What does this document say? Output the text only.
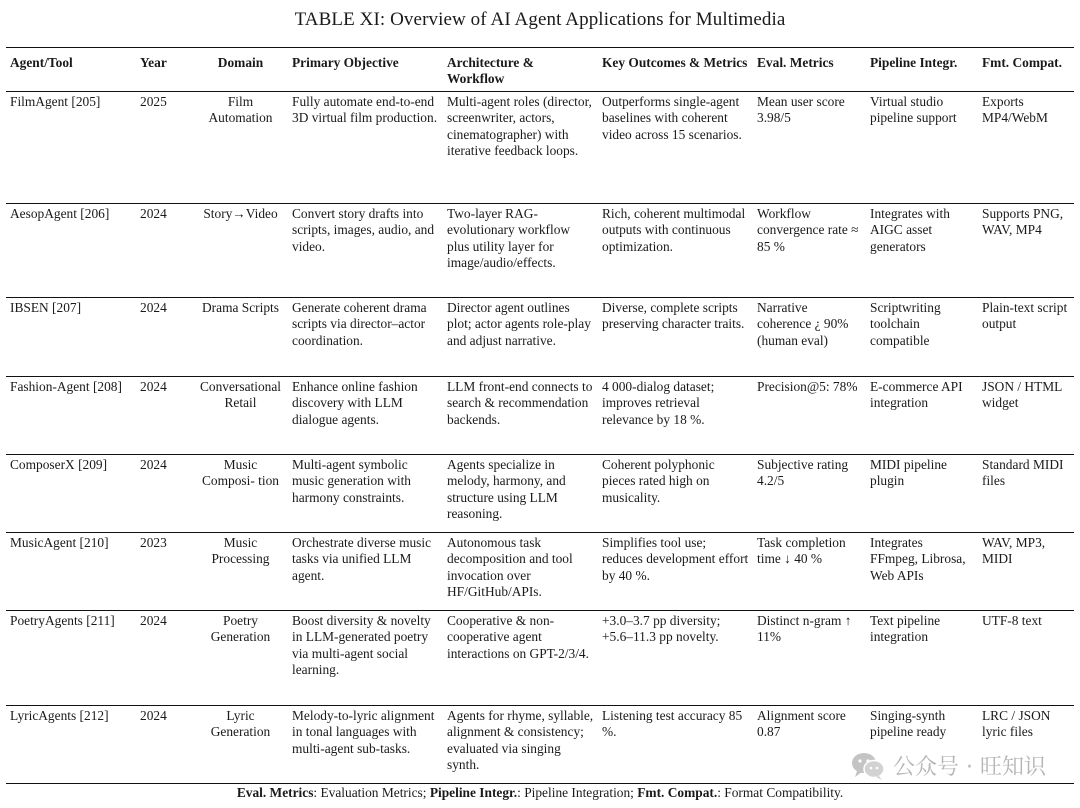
TABLE XI: Overview of AI Agent Applications for Multimedia
Agent/Tool	Year	Domain	Primary Objective	Architecture & Workflow	Key Outcomes & Metrics	Eval. Metrics	Pipeline Integr.	Fmt. Compat.
FilmAgent [205]	2025	Film Automation	Fully automate end-to-end 3D virtual film production.	Multi-agent roles (director, screenwriter, actors, cinematographer) with iterative feedback loops.	Outperforms single-agent baselines with coherent video across 15 scenarios.	Mean user score 3.98/5	Virtual studio pipeline support	Exports MP4/WebM
AesopAgent [206]	2024	Story→Video	Convert story drafts into scripts, images, audio, and video.	Two-layer RAG-evolutionary workflow plus utility layer for image/audio/effects.	Rich, coherent multimodal outputs with continuous optimization.	Workflow convergence rate ≈ 85 %	Integrates with AIGC asset generators	Supports PNG, WAV, MP4
IBSEN [207]	2024	Drama Scripts	Generate coherent drama scripts via director–actor coordination.	Director agent outlines plot; actor agents role-play and adjust narrative.	Diverse, complete scripts preserving character traits.	Narrative coherence ¿ 90% (human eval)	Scriptwriting toolchain compatible	Plain-text script output
Fashion-Agent [208]	2024	Conversational Retail	Enhance online fashion discovery with LLM dialogue agents.	LLM front-end connects to search & recommendation backends.	4 000-dialog dataset; improves retrieval relevance by 18 %.	Precision@5: 78%	E-commerce API integration	JSON / HTML widget
ComposerX [209]	2024	Music Composi- tion	Multi-agent symbolic music generation with harmony constraints.	Agents specialize in melody, harmony, and structure using LLM reasoning.	Coherent polyphonic pieces rated high on musicality.	Subjective rating 4.2/5	MIDI pipeline plugin	Standard MIDI files
MusicAgent [210]	2023	Music Processing	Orchestrate diverse music tasks via unified LLM agent.	Autonomous task decomposition and tool invocation over HF/GitHub/APIs.	Simplifies tool use; reduces development effort by 40 %.	Task completion time ↓ 40 %	Integrates FFmpeg, Librosa, Web APIs	WAV, MP3, MIDI
PoetryAgents [211]	2024	Poetry Generation	Boost diversity & novelty in LLM-generated poetry via multi-agent social learning.	Cooperative & non-cooperative agent interactions on GPT-2/3/4.	+3.0–3.7 pp diversity; +5.6–11.3 pp novelty.	Distinct n-gram ↑ 11%	Text pipeline integration	UTF-8 text
LyricAgents [212]	2024	Lyric Generation	Melody-to-lyric alignment in tonal languages with multi-agent sub-tasks.	Agents for rhyme, syllable, alignment & consistency; evaluated via singing synth.	Listening test accuracy 85 %.	Alignment score 0.87	Singing-synth pipeline ready	LRC / JSON lyric files
Eval. Metrics: Evaluation Metrics; Pipeline Integr.: Pipeline Integration; Fmt. Compat.: Format Compatibility.
公众号 · 旺知识
